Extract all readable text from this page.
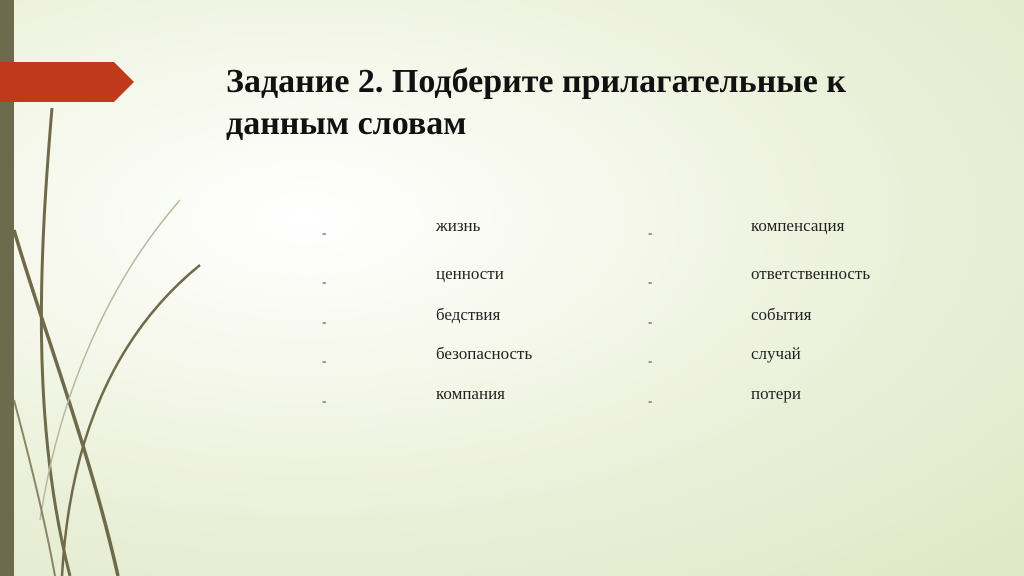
Задание 2. Подберите прилагательные к
данным словам
-	жизнь
-	ценности
-	бедствия
-	безопасность
-	компания
-	компенсация
-	ответственность
-	события
-	случай
-	потери
